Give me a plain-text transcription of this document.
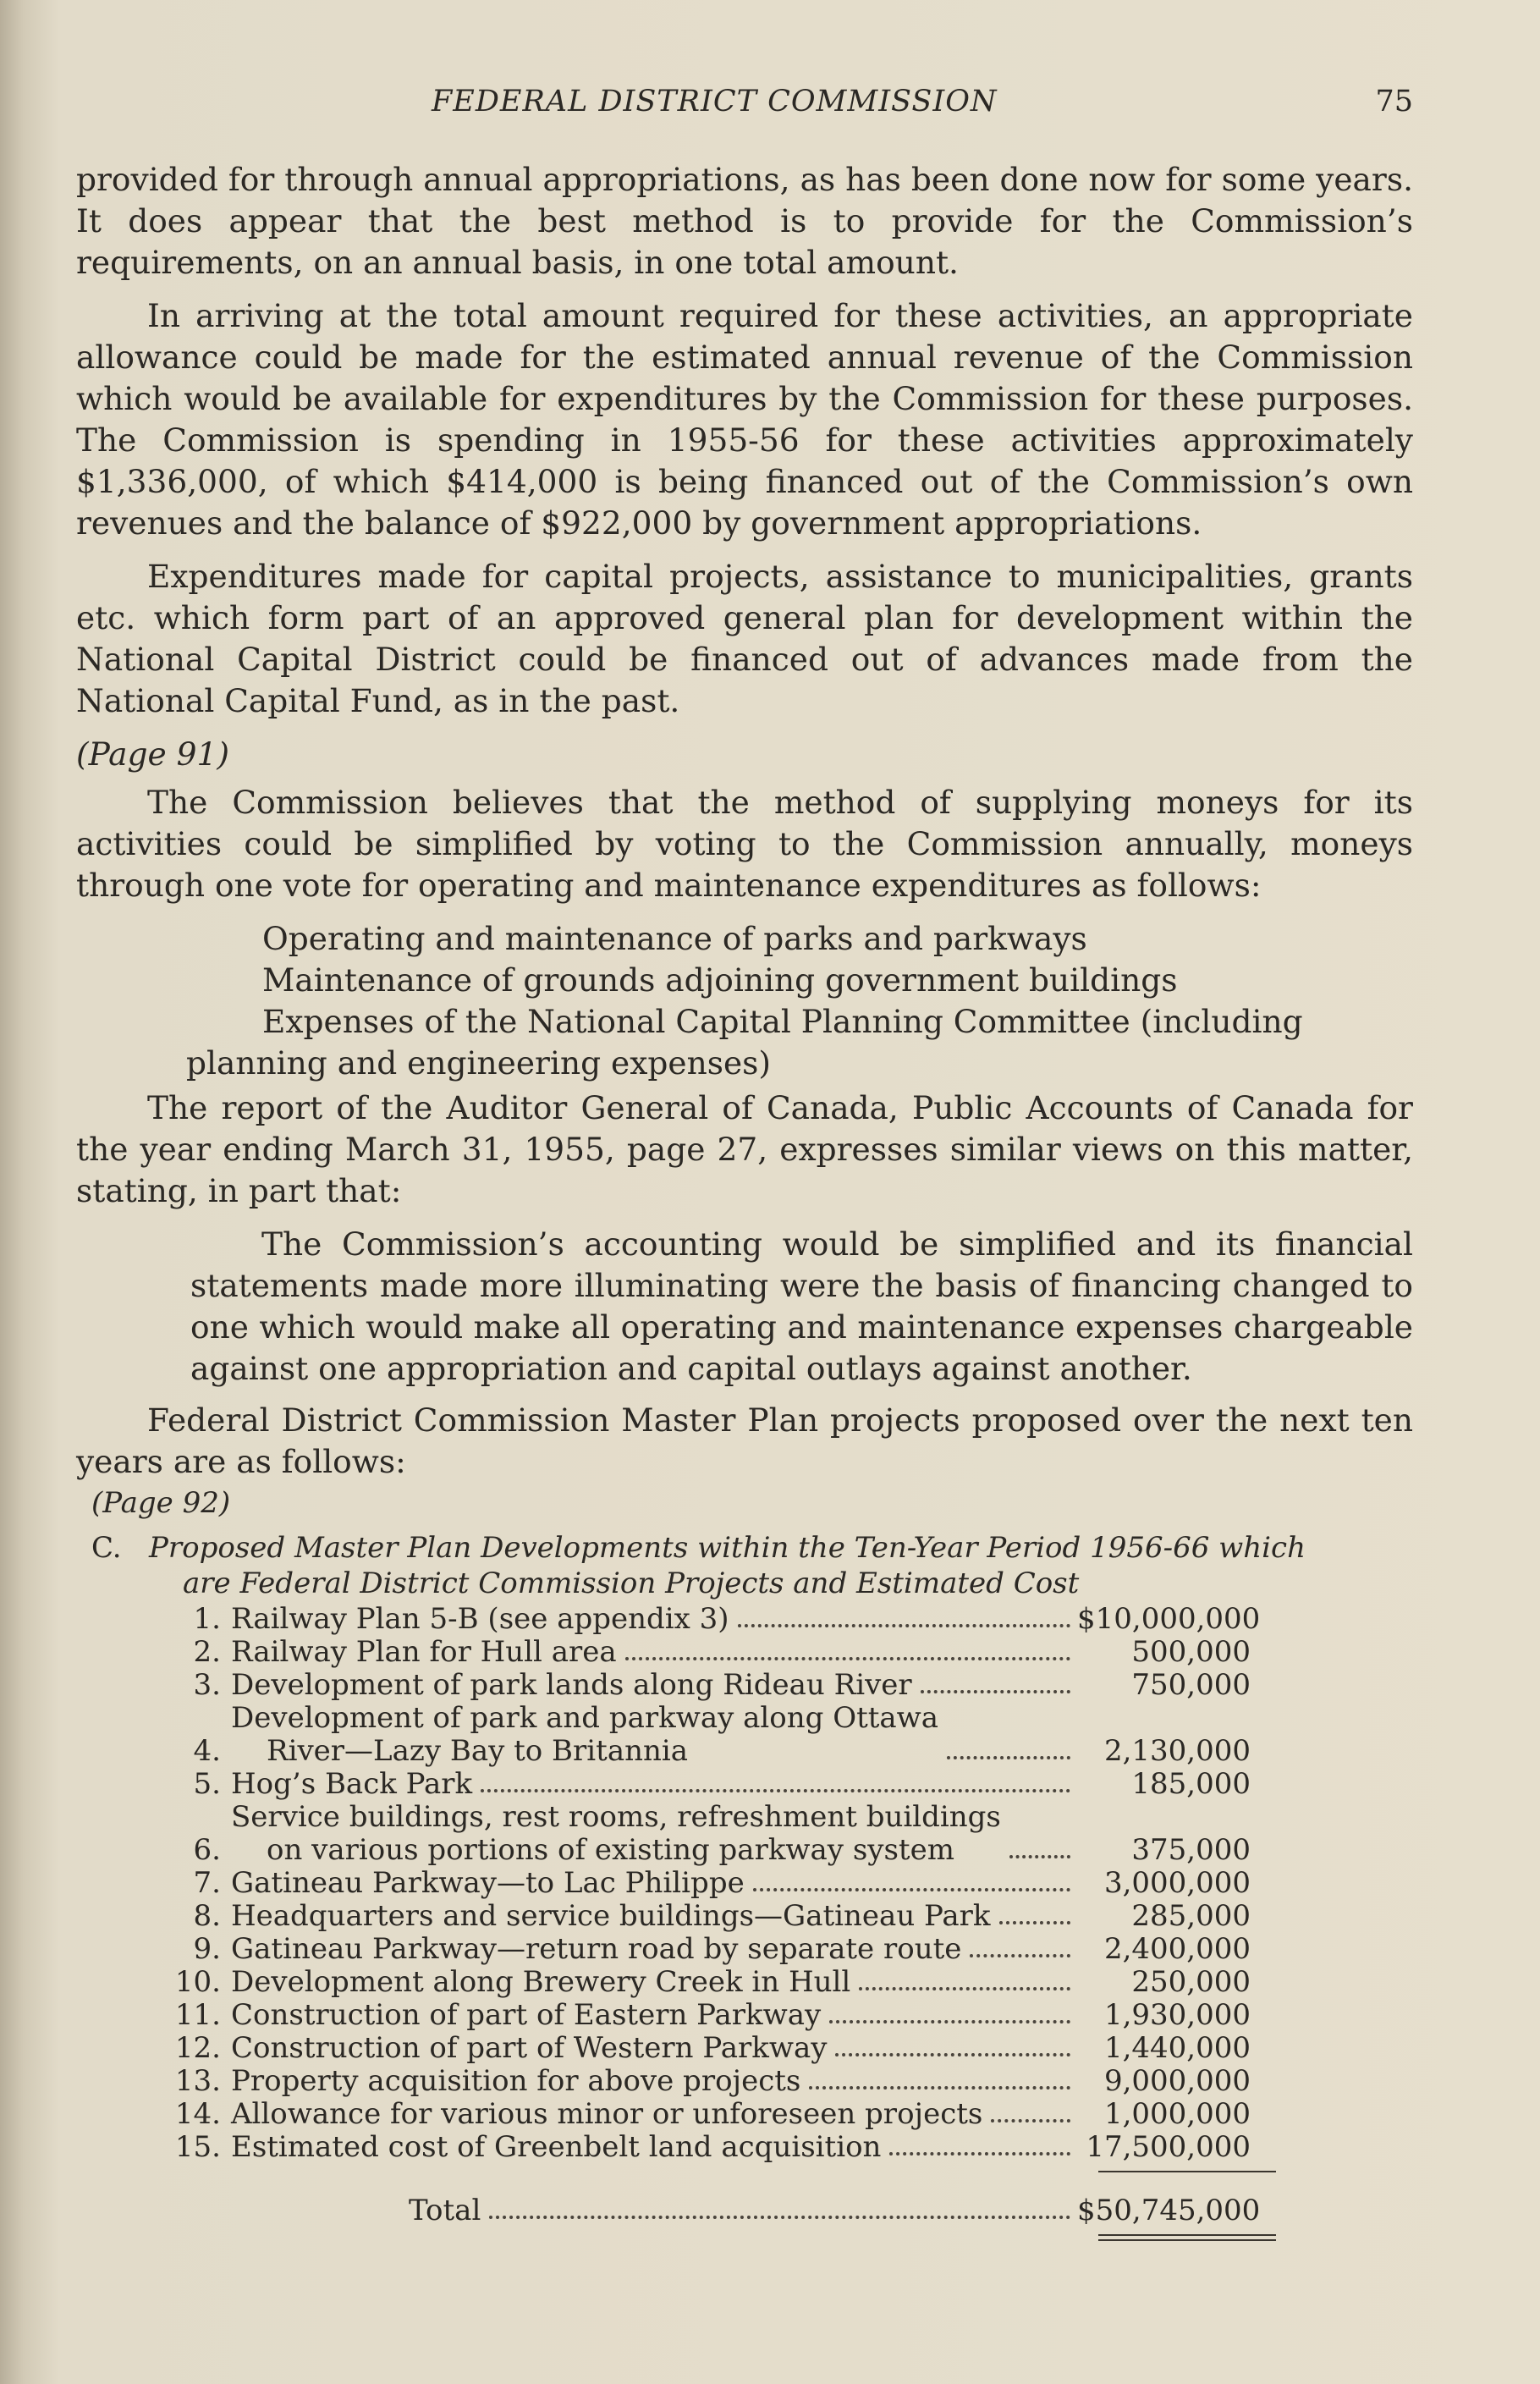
FEDERAL DISTRICT COMMISSION	75

provided for through annual appropriations, as has been done now for some years. It does appear that the best method is to provide for the Commission’s requirements, on an annual basis, in one total amount.

In arriving at the total amount required for these activities, an appropriate allowance could be made for the estimated annual revenue of the Commission which would be available for expenditures by the Commission for these purposes. The Commission is spending in 1955-56 for these activities approximately $1,336,000, of which $414,000 is being financed out of the Commission’s own revenues and the balance of $922,000 by government appropriations.

Expenditures made for capital projects, assistance to municipalities, grants etc. which form part of an approved general plan for development within the National Capital District could be financed out of advances made from the National Capital Fund, as in the past.

(Page 91)

The Commission believes that the method of supplying moneys for its activities could be simplified by voting to the Commission annually, moneys through one vote for operating and maintenance expenditures as follows:

Operating and maintenance of parks and parkways
Maintenance of grounds adjoining government buildings
Expenses of the National Capital Planning Committee (including
planning and engineering expenses)

The report of the Auditor General of Canada, Public Accounts of Canada for the year ending March 31, 1955, page 27, expresses similar views on this matter, stating, in part that:

The Commission’s accounting would be simplified and its financial statements made more illuminating were the basis of financing changed to one which would make all operating and maintenance expenses chargeable against one appropriation and capital outlays against another.

Federal District Commission Master Plan projects proposed over the next ten years are as follows:

(Page 92)
C. Proposed Master Plan Developments within the Ten-Year Period 1956-66 which
are Federal District Commission Projects and Estimated Cost
1. Railway Plan 5-B (see appendix 3)	$10,000,000
2. Railway Plan for Hull area	500,000
3. Development of park lands along Rideau River	750,000
4.
Development of park and parkway along Ottawa
River—Lazy Bay to Britannia	2,130,000
5. Hog’s Back Park	185,000
6.
Service buildings, rest rooms, refreshment buildings
on various portions of existing parkway system	375,000
7. Gatineau Parkway—to Lac Philippe	3,000,000
8. Headquarters and service buildings—Gatineau Park	285,000
9. Gatineau Parkway—return road by separate route	2,400,000
10. Development along Brewery Creek in Hull	250,000
11. Construction of part of Eastern Parkway	1,930,000
12. Construction of part of Western Parkway	1,440,000
13. Property acquisition for above projects	9,000,000
14. Allowance for various minor or unforeseen projects	1,000,000
15. Estimated cost of Greenbelt land acquisition	17,500,000
Total	$50,745,000
